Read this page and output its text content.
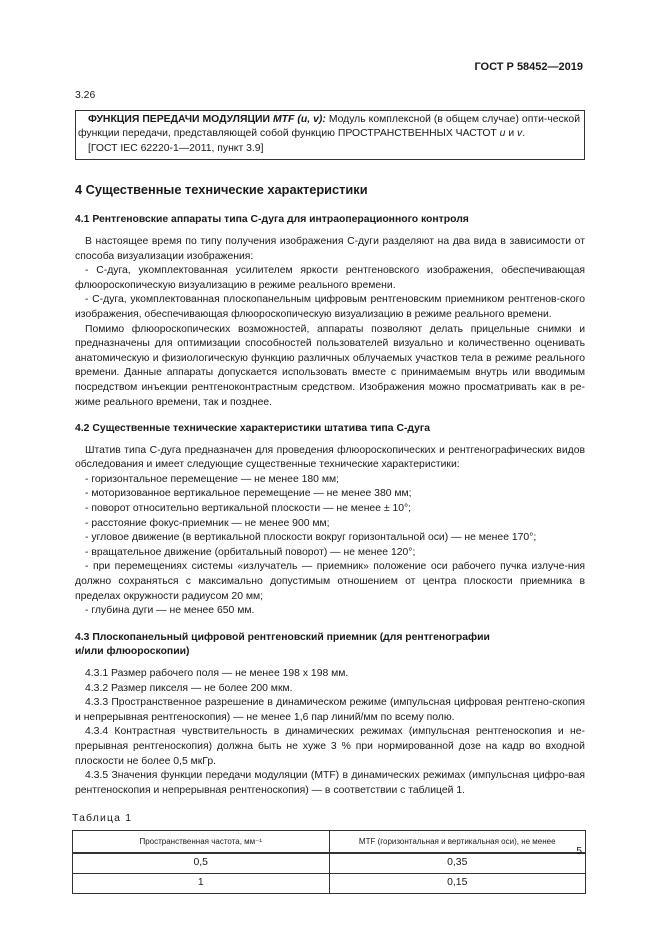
ГОСТ Р 58452—2019
3.26

ФУНКЦИЯ ПЕРЕДАЧИ МОДУЛЯЦИИ MTF (u, v): Модуль комплексной (в общем случае) опти-ческой функции передачи, представляющей собой функцию ПРОСТРАНСТВЕННЫХ ЧАСТОТ u и v.

[ГОСТ IEC 62220-1—2011, пункт 3.9]

4 Существенные технические характеристики
4.1 Рентгеновские аппараты типа С-дуга для интраоперационного контроля

В настоящее время по типу получения изображения С-дуги разделяют на два вида в зависимости от способа визуализации изображения:

- С-дуга, укомплектованная усилителем яркости рентгеновского изображения, обеспечивающая флюороскопическую визуализацию в режиме реального времени.

- С-дуга, укомплектованная плоскопанельным цифровым рентгеновским приемником рентгенов-ского изображения, обеспечивающая флюороскопическую визуализацию в режиме реального времени.

Помимо флюороскопических возможностей, аппараты позволяют делать прицельные снимки и предназначены для оптимизации способностей пользователей визуально и количественно оценивать анатомическую и физиологическую функцию различных облучаемых участков тела в режиме реального времени. Данные аппараты допускается использовать вместе с принимаемым внутрь или вводимым посредством инъекции рентгеноконтрастным средством. Изображения можно просматривать как в ре-жиме реального времени, так и позднее.

4.2 Существенные технические характеристики штатива типа С-дуга

Штатив типа С-дуга предназначен для проведения флюороскопических и рентгенографических видов обследования и имеет следующие существенные технические характеристики:

- горизонтальное перемещение — не менее 180 мм;

- моторизованное вертикальное перемещение — не менее 380 мм;

- поворот относительно вертикальной плоскости — не менее ± 10°;

- расстояние фокус-приемник — не менее 900 мм;

- угловое движение (в вертикальной плоскости вокруг горизонтальной оси) — не менее 170°;

- вращательное движение (орбитальный поворот) — не менее 120°;

- при перемещениях системы «излучатель — приемник» положение оси рабочего пучка излуче-ния должно сохраняться с максимально допустимым отношением от центра плоскости приемника в пределах окружности радиусом 20 мм;

- глубина дуги — не менее 650 мм.

4.3 Плоскопанельный цифровой рентгеновский приемник (для рентгенографии
и/или флюороскопии)

4.3.1 Размер рабочего поля — не менее 198 х 198 мм.

4.3.2 Размер пикселя — не более 200 мкм.

4.3.3 Пространственное разрешение в динамическом режиме (импульсная цифровая рентгено-скопия и непрерывная рентгеноскопия) — не менее 1,6 пар линий/мм по всему полю.

4.3.4 Контрастная чувствительность в динамических режимах (импульсная рентгеноскопия и не-прерывная рентгеноскопия) должна быть не хуже 3 % при нормированной дозе на кадр во входной плоскости не более 0,5 мкГр.

4.3.5 Значения функции передачи модуляции (MTF) в динамических режимах (импульсная цифро-вая рентгеноскопия и непрерывная рентгеноскопия) — в соответствии с таблицей 1.

Таблица 1
Пространственная частота, мм⁻¹	MTF (горизонтальная и вертикальная оси), не менее
0,5	0,35
1	0,15
5
